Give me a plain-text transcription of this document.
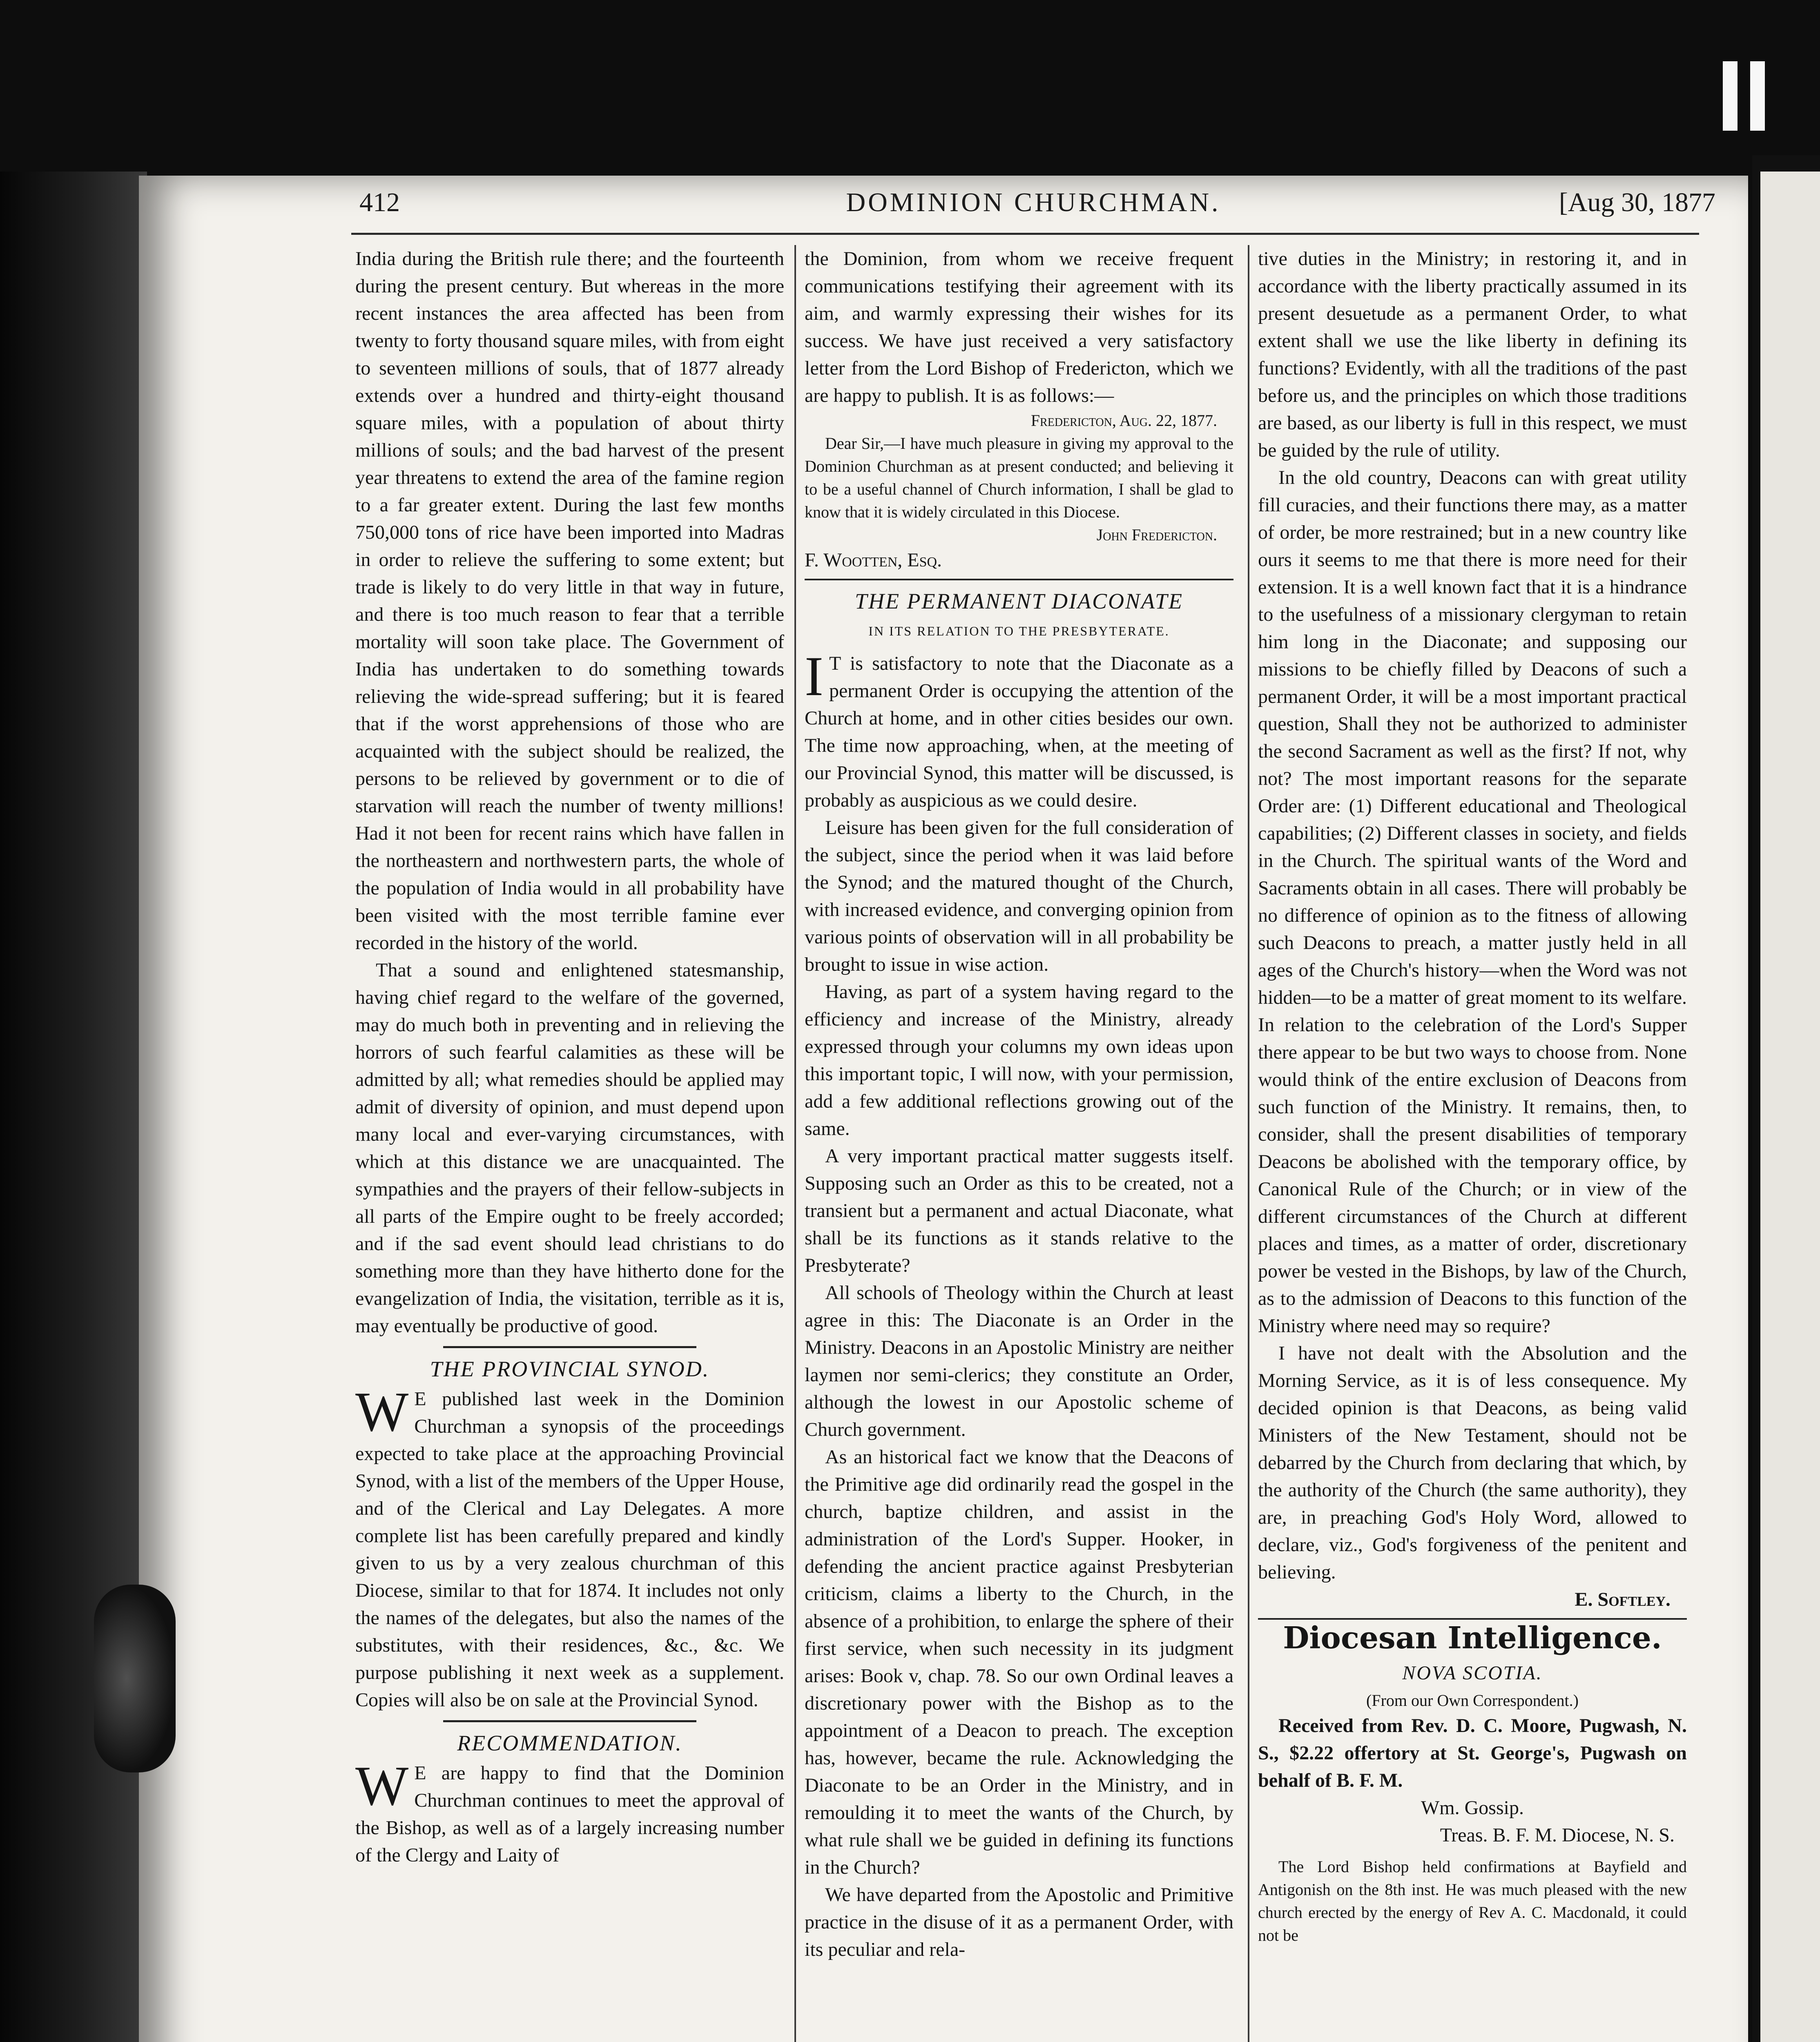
412	DOMINION CHURCHMAN.	[Aug 30, 1877

India during the British rule there; and the fourteenth during the present century. But whereas in the more recent instances the area affected has been from twenty to forty thousand square miles, with from eight to seventeen millions of souls, that of 1877 already extends over a hundred and thirty-eight thousand square miles, with a population of about thirty millions of souls; and the bad harvest of the present year threatens to extend the area of the famine region to a far greater extent. During the last few months 750,000 tons of rice have been imported into Madras in order to relieve the suffering to some extent; but trade is likely to do very little in that way in future, and there is too much reason to fear that a terrible mortality will soon take place. The Government of India has undertaken to do something towards relieving the wide-spread suffering; but it is feared that if the worst apprehensions of those who are acquainted with the subject should be realized, the persons to be relieved by government or to die of starvation will reach the number of twenty millions! Had it not been for recent rains which have fallen in the northeastern and northwestern parts, the whole of the population of India would in all probability have been visited with the most terrible famine ever recorded in the history of the world.

That a sound and enlightened statesmanship, having chief regard to the welfare of the governed, may do much both in preventing and in relieving the horrors of such fearful calamities as these will be admitted by all; what remedies should be applied may admit of diversity of opinion, and must depend upon many local and ever-varying circumstances, with which at this distance we are unacquainted. The sympathies and the prayers of their fellow-subjects in all parts of the Empire ought to be freely accorded; and if the sad event should lead christians to do something more than they have hitherto done for the evangelization of India, the visitation, terrible as it is, may eventually be productive of good.

THE PROVINCIAL SYNOD.

W E published last week in the Dominion Churchman a synopsis of the proceedings expected to take place at the approaching Provincial Synod, with a list of the members of the Upper House, and of the Clerical and Lay Delegates. A more complete list has been carefully prepared and kindly given to us by a very zealous churchman of this Diocese, similar to that for 1874. It includes not only the names of the delegates, but also the names of the substitutes, with their residences, &c., &c. We purpose publishing it next week as a supplement. Copies will also be on sale at the Provincial Synod.

RECOMMENDATION.

W E are happy to find that the Dominion Churchman continues to meet the approval of the Bishop, as well as of a largely increasing number of the Clergy and Laity of

the Dominion, from whom we receive frequent communications testifying their agreement with its aim, and warmly expressing their wishes for its success. We have just received a very satisfactory letter from the Lord Bishop of Fredericton, which we are happy to publish. It is as follows:—

Fredericton, Aug. 22, 1877.

Dear Sir,—I have much pleasure in giving my approval to the Dominion Churchman as at present conducted; and believing it to be a useful channel of Church information, I shall be glad to know that it is widely circulated in this Diocese.

John Fredericton.
F. Wootten, Esq.
THE PERMANENT DIACONATE
IN ITS RELATION TO THE PRESBYTERATE.

I T is satisfactory to note that the Diaconate as a permanent Order is occupying the attention of the Church at home, and in other cities besides our own. The time now approaching, when, at the meeting of our Provincial Synod, this matter will be discussed, is probably as auspicious as we could desire.

Leisure has been given for the full consideration of the subject, since the period when it was laid before the Synod; and the matured thought of the Church, with increased evidence, and converging opinion from various points of observation will in all probability be brought to issue in wise action.

Having, as part of a system having regard to the efficiency and increase of the Ministry, already expressed through your columns my own ideas upon this important topic, I will now, with your permission, add a few additional reflections growing out of the same.

A very important practical matter suggests itself. Supposing such an Order as this to be created, not a transient but a permanent and actual Diaconate, what shall be its functions as it stands relative to the Presbyterate?

All schools of Theology within the Church at least agree in this: The Diaconate is an Order in the Ministry. Deacons in an Apostolic Ministry are neither laymen nor semi-clerics; they constitute an Order, although the lowest in our Apostolic scheme of Church government.

As an historical fact we know that the Deacons of the Primitive age did ordinarily read the gospel in the church, baptize children, and assist in the administration of the Lord's Supper. Hooker, in defending the ancient practice against Presbyterian criticism, claims a liberty to the Church, in the absence of a prohibition, to enlarge the sphere of their first service, when such necessity in its judgment arises: Book v, chap. 78. So our own Ordinal leaves a discretionary power with the Bishop as to the appointment of a Deacon to preach. The exception has, however, became the rule. Acknowledging the Diaconate to be an Order in the Ministry, and in remoulding it to meet the wants of the Church, by what rule shall we be guided in defining its functions in the Church?

We have departed from the Apostolic and Primitive practice in the disuse of it as a permanent Order, with its peculiar and rela-

tive duties in the Ministry; in restoring it, and in accordance with the liberty practically assumed in its present desuetude as a permanent Order, to what extent shall we use the like liberty in defining its functions? Evidently, with all the traditions of the past before us, and the principles on which those traditions are based, as our liberty is full in this respect, we must be guided by the rule of utility.

In the old country, Deacons can with great utility fill curacies, and their functions there may, as a matter of order, be more restrained; but in a new country like ours it seems to me that there is more need for their extension. It is a well known fact that it is a hindrance to the usefulness of a missionary clergyman to retain him long in the Diaconate; and supposing our missions to be chiefly filled by Deacons of such a permanent Order, it will be a most important practical question, Shall they not be authorized to administer the second Sacrament as well as the first? If not, why not? The most important reasons for the separate Order are: (1) Different educational and Theological capabilities; (2) Different classes in society, and fields in the Church. The spiritual wants of the Word and Sacraments obtain in all cases. There will probably be no difference of opinion as to the fitness of allowing such Deacons to preach, a matter justly held in all ages of the Church's history—when the Word was not hidden—to be a matter of great moment to its welfare. In relation to the celebration of the Lord's Supper there appear to be but two ways to choose from. None would think of the entire exclusion of Deacons from such function of the Ministry. It remains, then, to consider, shall the present disabilities of temporary Deacons be abolished with the temporary office, by Canonical Rule of the Church; or in view of the different circumstances of the Church at different places and times, as a matter of order, discretionary power be vested in the Bishops, by law of the Church, as to the admission of Deacons to this function of the Ministry where need may so require?

I have not dealt with the Absolution and the Morning Service, as it is of less consequence. My decided opinion is that Deacons, as being valid Ministers of the New Testament, should not be debarred by the Church from declaring that which, by the authority of the Church (the same authority), they are, in preaching God's Holy Word, allowed to declare, viz., God's forgiveness of the penitent and believing.

E. Softley.
Diocesan Intelligence.
NOVA SCOTIA.
(From our Own Correspondent.)

Received from Rev. D. C. Moore, Pugwash, N. S., $2.22 offertory at St. George's, Pugwash on behalf of B. F. M.

Wm. Gossip.
Treas. B. F. M. Diocese, N. S.

The Lord Bishop held confirmations at Bayfield and Antigonish on the 8th inst. He was much pleased with the new church erected by the energy of Rev A. C. Macdonald, it could not be
